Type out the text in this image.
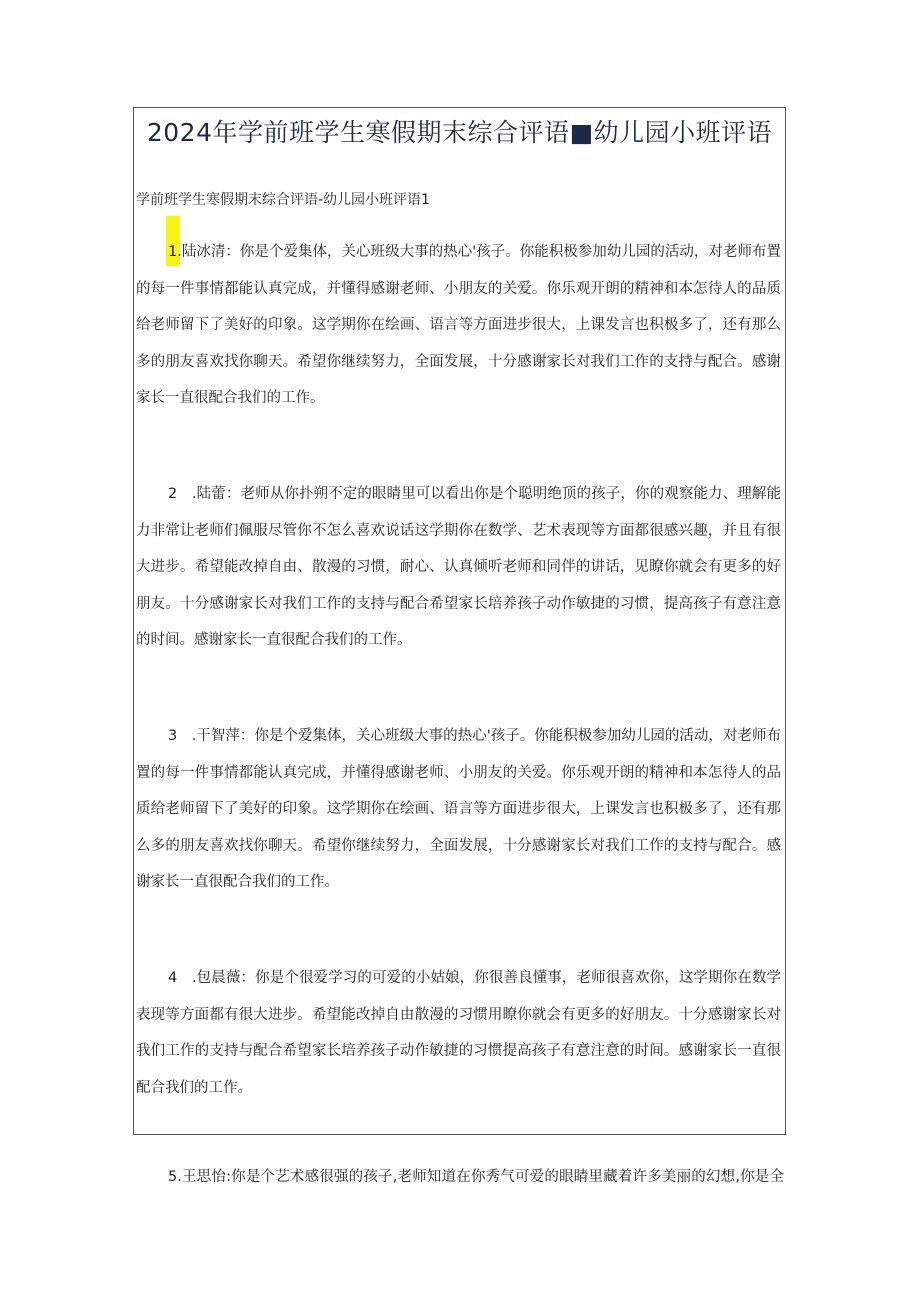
2024年学前班学生寒假期末综合评语■幼儿园小班评语
学前班学生寒假期末综合评语-幼儿园小班评语1
1.陆冰清：你是个爱集体，关心班级大事的热心'孩子。你能积极参加幼儿园的活动，对老师布置
的每一件事情都能认真完成，并懂得感谢老师、小朋友的关爱。你乐观开朗的精神和本怎待人的品质
给老师留下了美好的印象。这学期你在绘画、语言等方面进步很大，上课发言也积极多了，还有那么
多的朋友喜欢找你聊天。希望你继续努力，全面发展，十分感谢家长对我们工作的支持与配合。感谢
家长一直很配合我们的工作。
2　.陆蕾：老师从你扑朔不定的眼睛里可以看出你是个聪明绝顶的孩子，你的观察能力、理解能
力非常让老师们佩服尽管你不怎么喜欢说话这学期你在数学、艺术表现等方面都很感兴趣，并且有很
大进步。希望能改掉自由、散漫的习惯，耐心、认真倾听老师和同伴的讲话，见瞭你就会有更多的好
朋友。十分感谢家长对我们工作的支持与配合希望家长培养孩子动作敏捷的习惯，提高孩子有意注意
的时间。感谢家长一直很配合我们的工作。
3　.干智萍：你是个爱集体，关心班级大事的热心'孩子。你能积极参加幼儿园的活动，对老师布
置的每一件事情都能认真完成，并懂得感谢老师、小朋友的关爱。你乐观开朗的精神和本怎待人的品
质给老师留下了美好的印象。这学期你在绘画、语言等方面进步很大，上课发言也积极多了，还有那
么多的朋友喜欢找你聊天。希望你继续努力，全面发展，十分感谢家长对我们工作的支持与配合。感
谢家长一直很配合我们的工作。
4　.包晨薇：你是个很爱学习的可爱的小姑娘，你很善良懂事，老师很喜欢你，这学期你在数学
表现等方面都有很大进步。希望能改掉自由散漫的习惯用瞭你就会有更多的好朋友。十分感谢家长对
我们工作的支持与配合希望家长培养孩子动作敏捷的习惯提高孩子有意注意的时间。感谢家长一直很
配合我们的工作。
5.王思怡:你是个艺术感很强的孩子,老师知道在你秀气可爱的眼睛里藏着许多美丽的幻想,你是全
